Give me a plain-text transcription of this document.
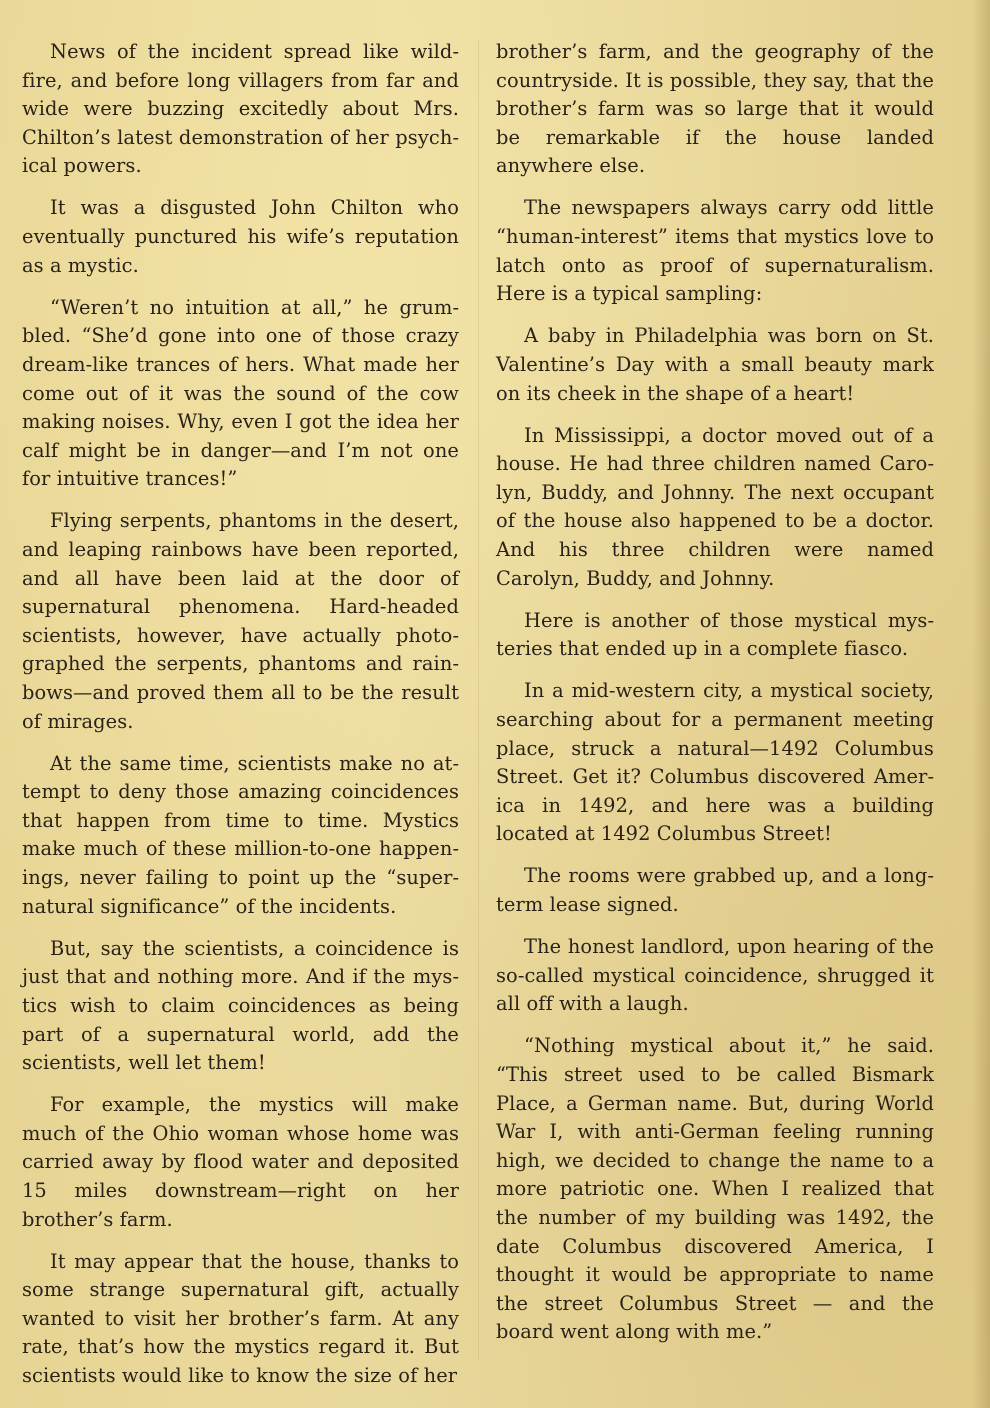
News of the incident spread like wildfire, and before long villagers from far and wide were buzzing excitedly about Mrs. Chilton’s latest demonstration of her psychical powers.

It was a disgusted John Chilton who eventually punctured his wife’s reputation as a mystic.

“Weren’t no intuition at all,” he grumbled. “She’d gone into one of those crazy dream-like trances of hers. What made her come out of it was the sound of the cow making noises. Why, even I got the idea her calf might be in danger—and I’m not one for intuitive trances!”

Flying serpents, phantoms in the desert, and leaping rainbows have been reported, and all have been laid at the door of supernatural phenomena. Hard-headed scientists, however, have actually photographed the serpents, phantoms and rainbows—and proved them all to be the result of mirages.

At the same time, scientists make no attempt to deny those amazing coincidences that happen from time to time. Mystics make much of these million-to-one happenings, never failing to point up the “supernatural significance” of the incidents.

But, say the scientists, a coincidence is just that and nothing more. And if the mystics wish to claim coincidences as being part of a supernatural world, add the scientists, well let them!

For example, the mystics will make much of the Ohio woman whose home was carried away by flood water and deposited 15 miles downstream—right on her brother’s farm.

It may appear that the house, thanks to some strange supernatural gift, actually wanted to visit her brother’s farm. At any rate, that’s how the mystics regard it. But scientists would like to know the size of her

brother’s farm, and the geography of the countryside. It is possible, they say, that the brother’s farm was so large that it would be remarkable if the house landed anywhere else.

The newspapers always carry odd little “human-interest” items that mystics love to latch onto as proof of supernaturalism. Here is a typical sampling:

A baby in Philadelphia was born on St. Valentine’s Day with a small beauty mark on its cheek in the shape of a heart!

In Mississippi, a doctor moved out of a house. He had three children named Carolyn, Buddy, and Johnny. The next occupant of the house also happened to be a doctor. And his three children were named Carolyn, Buddy, and Johnny.

Here is another of those mystical mysteries that ended up in a complete fiasco.

In a mid-western city, a mystical society, searching about for a permanent meeting place, struck a natural—1492 Columbus Street. Get it? Columbus discovered America in 1492, and here was a building located at 1492 Columbus Street!

The rooms were grabbed up, and a long-term lease signed.

The honest landlord, upon hearing of the so-called mystical coincidence, shrugged it all off with a laugh.

“Nothing mystical about it,” he said. “This street used to be called Bismark Place, a German name. But, during World War I, with anti-German feeling running high, we decided to change the name to a more patriotic one. When I realized that the number of my building was 1492, the date Columbus discovered America, I thought it would be appropriate to name the street Columbus Street — and the board went along with me.”
